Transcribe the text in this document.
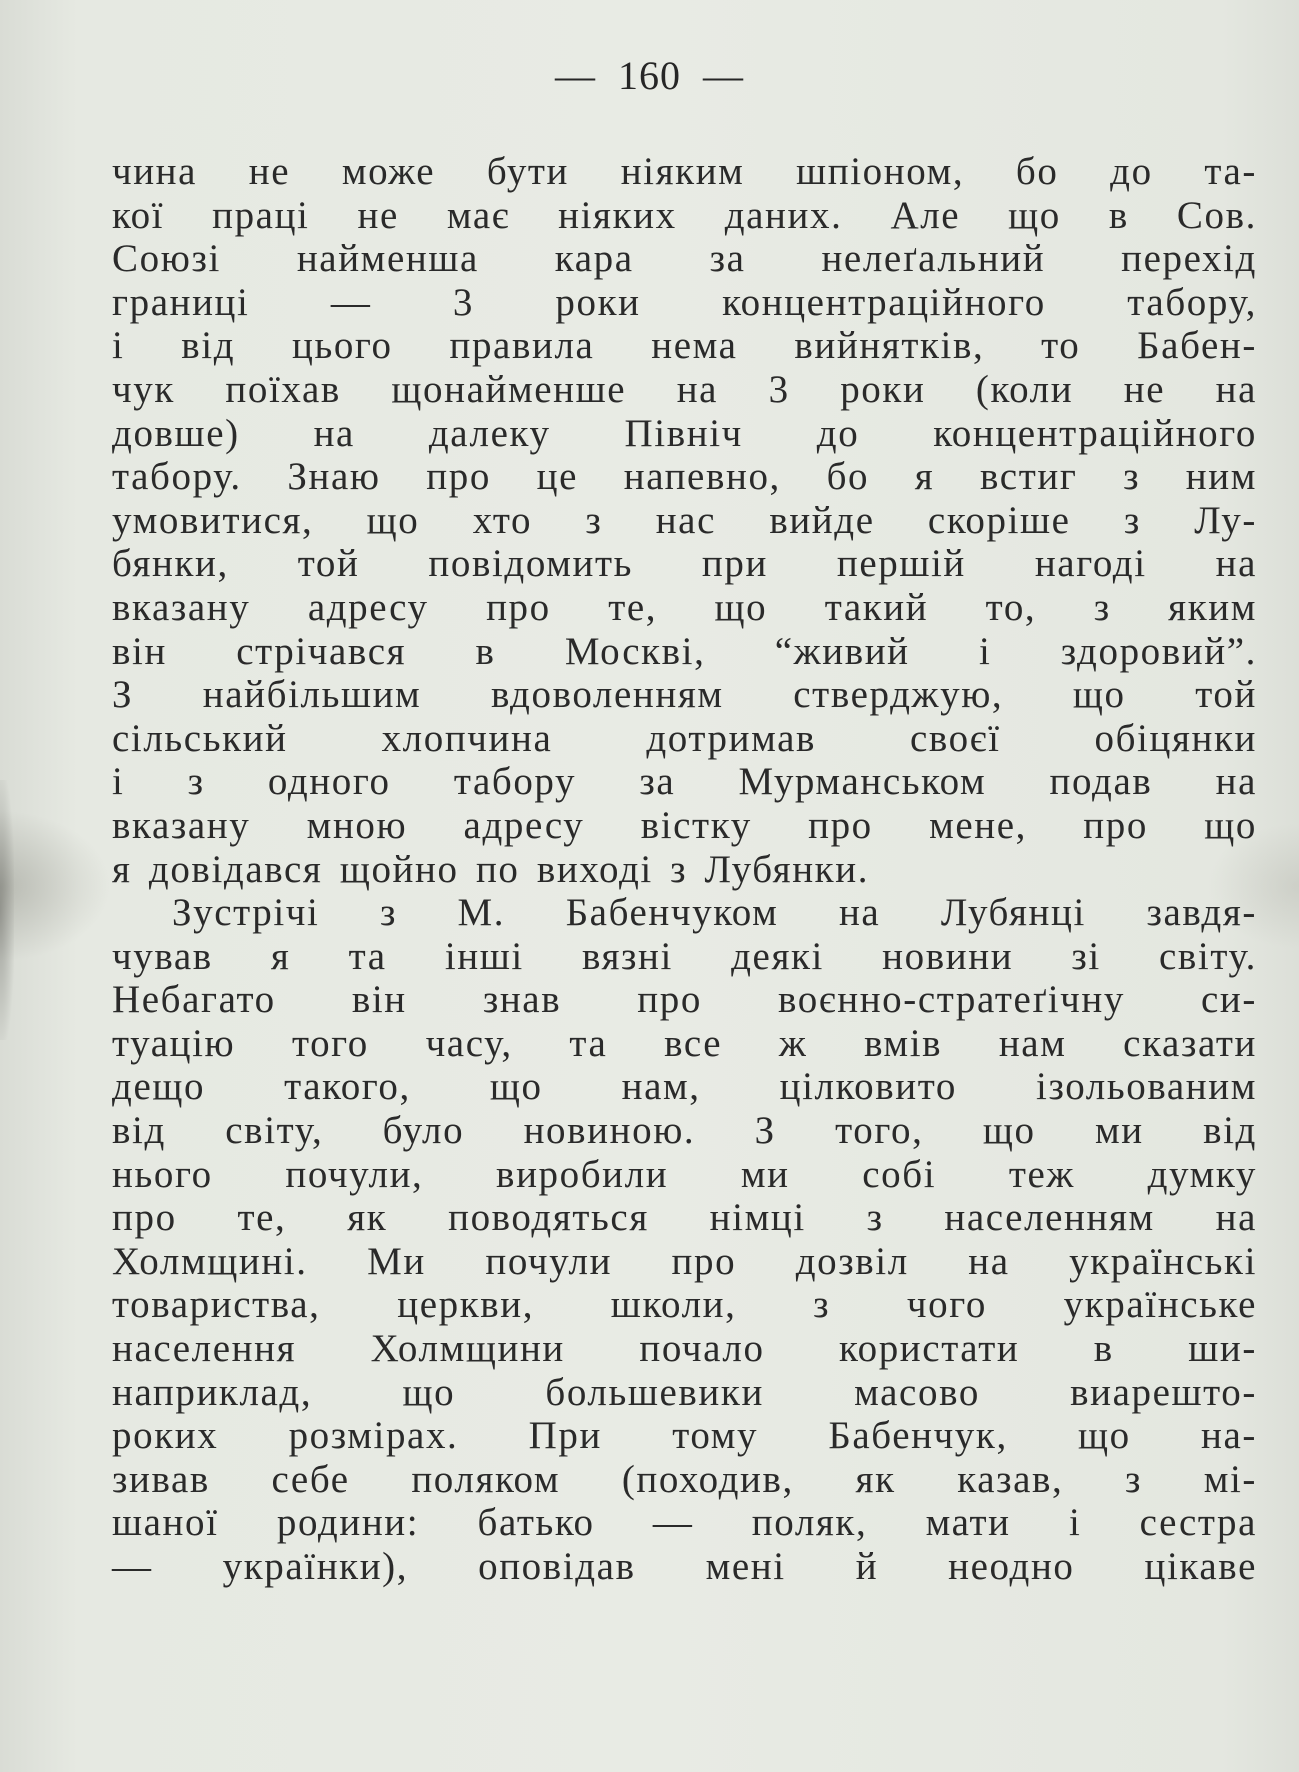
— 160 —
чина не може бути ніяким шпіоном, бо до та-
кої праці не має ніяких даних. Але що в Сов.
Союзі найменша кара за нелеґальний перехід
границі — 3 роки концентраційного табору,
і від цього правила нема вийнятків, то Бабен-
чук поїхав щонайменше на 3 роки (коли не на
довше) на далеку Північ до концентраційного
табору. Знаю про це напевно, бо я встиг з ним
умовитися, що хто з нас вийде скоріше з Лу-
бянки, той повідомить при першій нагоді на
вказану адресу про те, що такий то, з яким
він стрічався в Москві, “живий і здоровий”.
З найбільшим вдоволенням стверджую, що той
сільський хлопчина дотримав своєї обіцянки
і з одного табору за Мурманськом подав на
вказану мною адресу вістку про мене, про що
я довідався щойно по виході з Лубянки.
Зустрічі з М. Бабенчуком на Лубянці завдя-
чував я та інші вязні деякі новини зі світу.
Небагато він знав про воєнно-стратеґічну си-
туацію того часу, та все ж вмів нам сказати
дещо такого, що нам, цілковито ізольованим
від світу, було новиною. З того, що ми від
нього почули, виробили ми собі теж думку
про те, як поводяться німці з населенням на
Холмщині. Ми почули про дозвіл на українські
товариства, церкви, школи, з чого українське
населення Холмщини почало користати в ши-
наприклад, що большевики масово виарешто-
роких розмірах. При тому Бабенчук, що на-
зивав себе поляком (походив, як казав, з мі-
шаної родини: батько — поляк, мати і сестра
— українки), оповідав мені й неодно цікаве
